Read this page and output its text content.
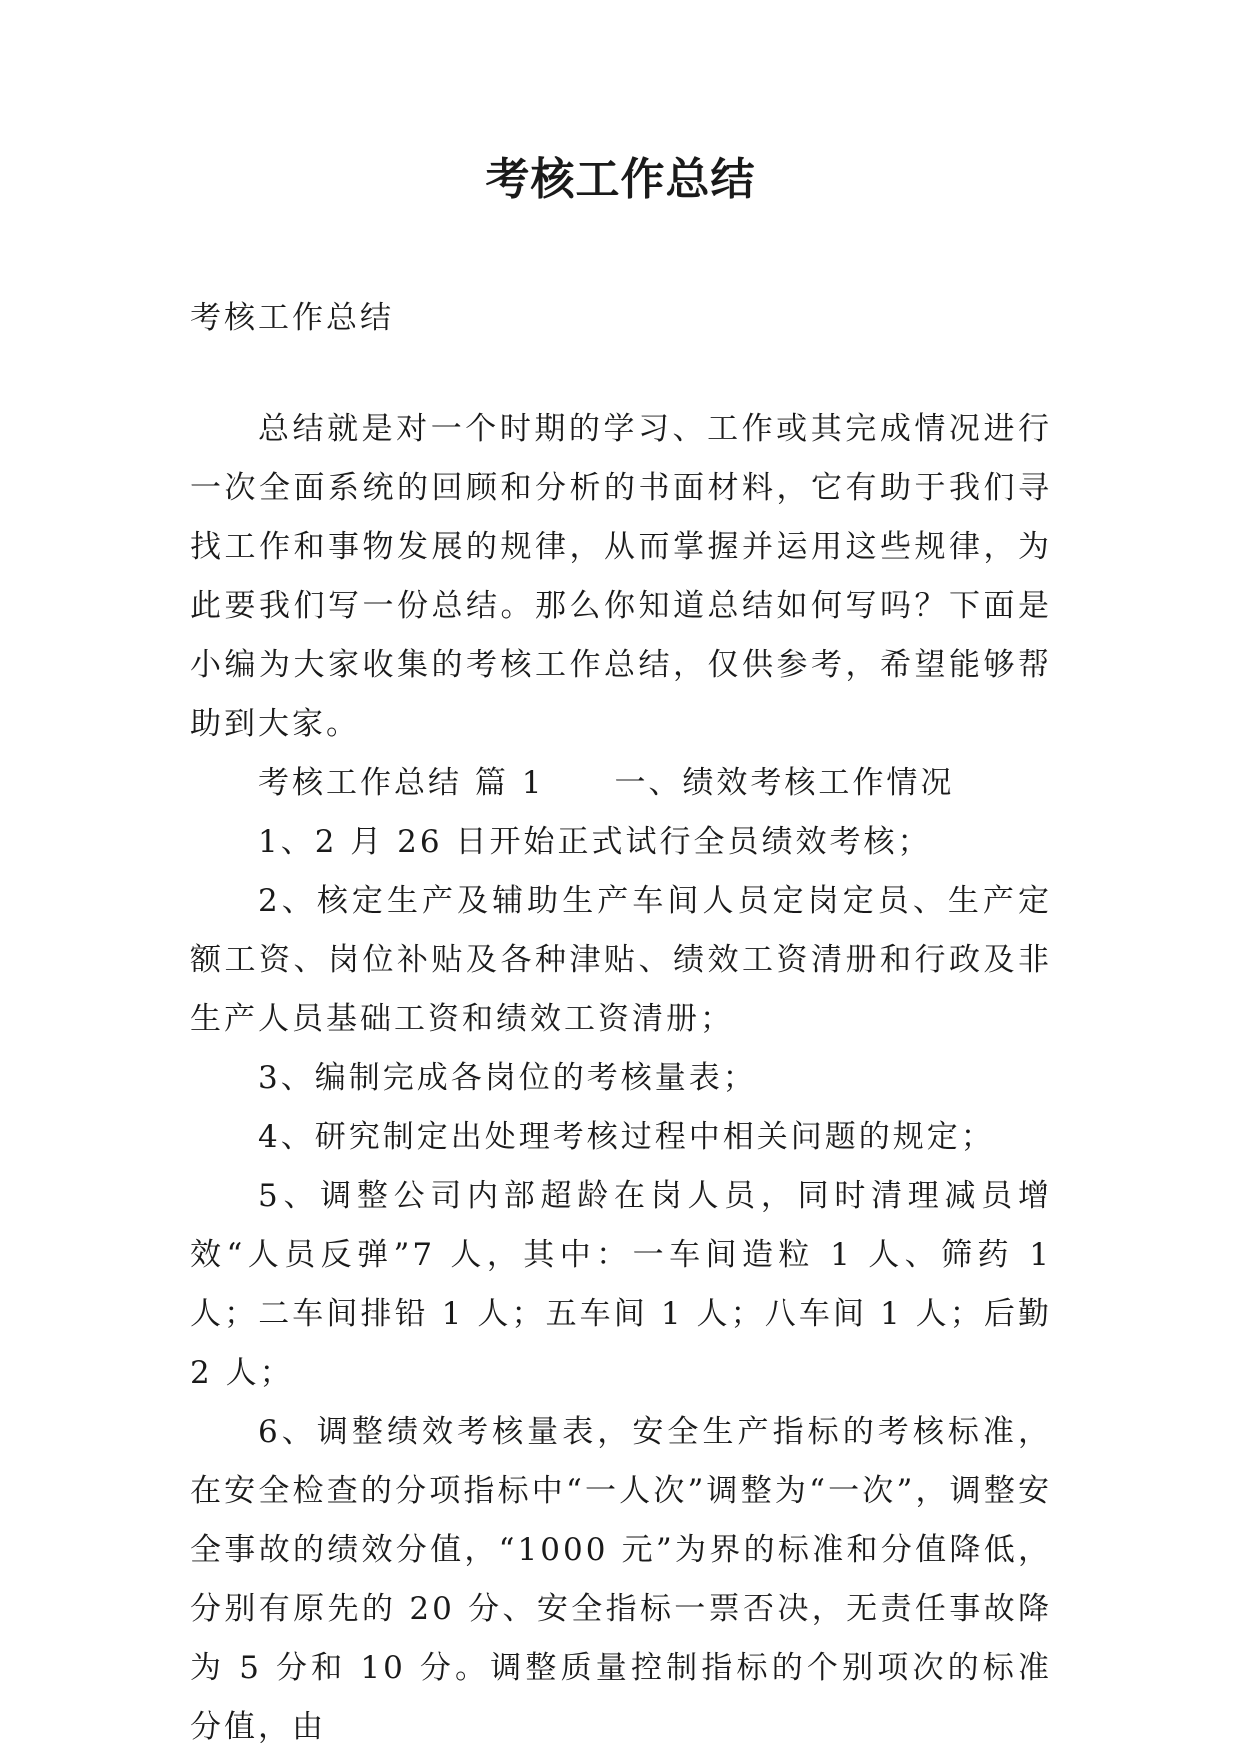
考核工作总结
考核工作总结

总结就是对一个时期的学习、工作或其完成情况进行一次全面系统的回顾和分析的书面材料，它有助于我们寻找工作和事物发展的规律，从而掌握并运用这些规律，为此要我们写一份总结。那么你知道总结如何写吗？下面是小编为大家收集的考核工作总结，仅供参考，希望能够帮助到大家。

考核工作总结 篇 1 一、绩效考核工作情况

1、2 月 26 日开始正式试行全员绩效考核；

2、核定生产及辅助生产车间人员定岗定员、生产定额工资、岗位补贴及各种津贴、绩效工资清册和行政及非生产人员基础工资和绩效工资清册；

3、编制完成各岗位的考核量表；

4、研究制定出处理考核过程中相关问题的规定；

5、调整公司内部超龄在岗人员，同时清理减员增效“人员反弹”7 人，其中：一车间造粒 1 人、筛药 1 人；二车间排铅 1 人；五车间 1 人；八车间 1 人；后勤 2 人；

6、调整绩效考核量表，安全生产指标的考核标准，在安全检查的分项指标中“一人次”调整为“一次”，调整安全事故的绩效分值，“1000 元”为界的标准和分值降低，分别有原先的 20 分、安全指标一票否决，无责任事故降为 5 分和 10 分。调整质量控制指标的个别项次的标准分值，由
